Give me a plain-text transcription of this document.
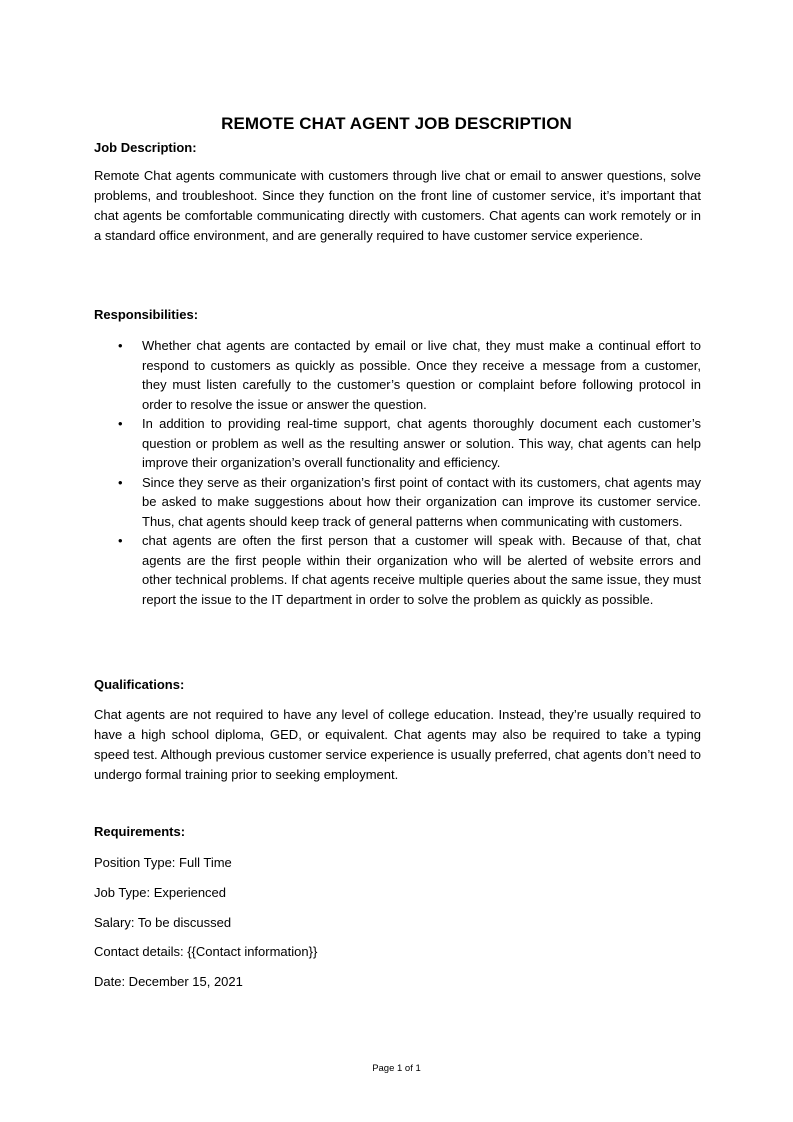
REMOTE CHAT AGENT JOB DESCRIPTION
Job Description:
Remote Chat agents communicate with customers through live chat or email to answer questions, solve problems, and troubleshoot. Since they function on the front line of customer service, it’s important that chat agents be comfortable communicating directly with customers. Chat agents can work remotely or in a standard office environment, and are generally required to have customer service experience.
Responsibilities:
• Whether chat agents are contacted by email or live chat, they must make a continual effort to respond to customers as quickly as possible. Once they receive a message from a customer, they must listen carefully to the customer’s question or complaint before following protocol in order to resolve the issue or answer the question.
• In addition to providing real-time support, chat agents thoroughly document each customer’s question or problem as well as the resulting answer or solution. This way, chat agents can help improve their organization’s overall functionality and efficiency.
• Since they serve as their organization’s first point of contact with its customers, chat agents may be asked to make suggestions about how their organization can improve its customer service. Thus, chat agents should keep track of general patterns when communicating with customers.
• chat agents are often the first person that a customer will speak with. Because of that, chat agents are the first people within their organization who will be alerted of website errors and other technical problems. If chat agents receive multiple queries about the same issue, they must report the issue to the IT department in order to solve the problem as quickly as possible.
Qualifications:
Chat agents are not required to have any level of college education. Instead, they’re usually required to have a high school diploma, GED, or equivalent. Chat agents may also be required to take a typing speed test. Although previous customer service experience is usually preferred, chat agents don’t need to undergo formal training prior to seeking employment.
Requirements:
Position Type: Full Time
Job Type: Experienced
Salary: To be discussed
Contact details: {{Contact information}}
Date: December 15, 2021
Page 1 of 1
